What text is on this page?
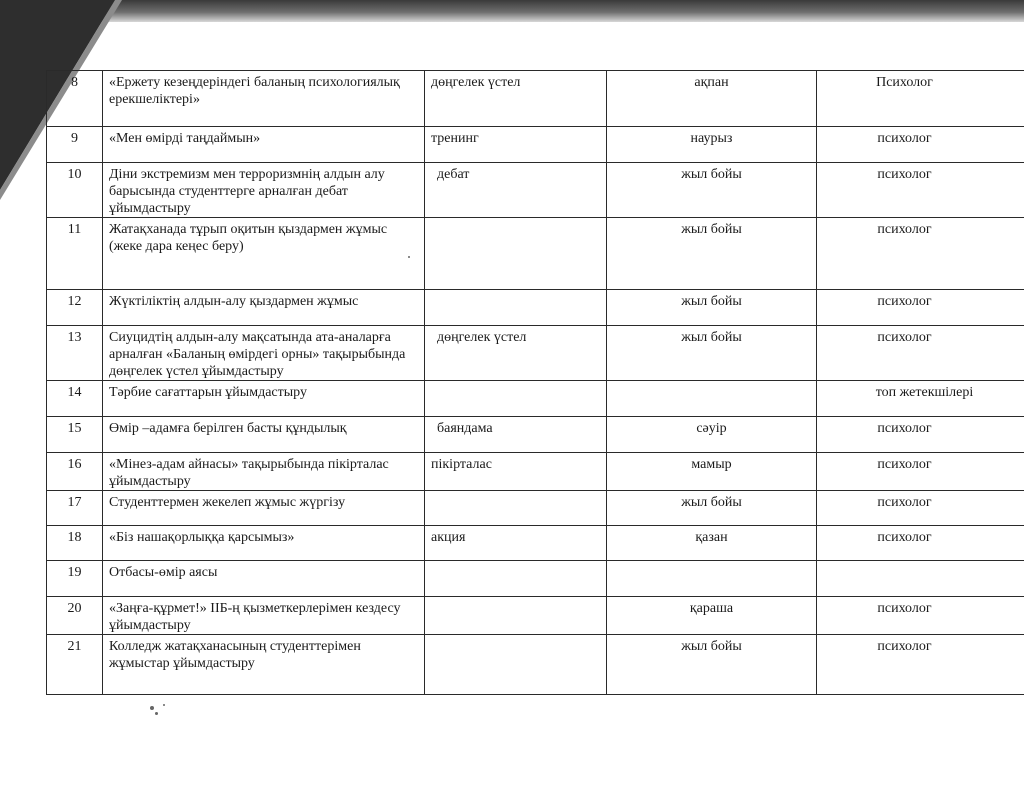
8	«Ержету кезеңдеріндегі баланың психологиялық ерекшеліктері»	дөңгелек үстел	ақпан	Психолог
9	«Мен өмірді таңдаймын»	тренинг	наурыз	психолог
10	Діни экстремизм мен терроризмнің алдын алу барысында студенттерге арналған дебат ұйымдастыру	дебат	жыл бойы	психолог
11	Жатақханада тұрып оқитын қыздармен жұмыс (жеке дара кеңес беру)		жыл бойы	психолог
12	Жүктіліктің алдын-алу қыздармен жұмыс		жыл бойы	психолог
13	Сиуцидтің алдын-алу мақсатында ата-аналарға арналған «Баланың өмірдегі орны» тақырыбында дөңгелек үстел ұйымдастыру	дөңгелек үстел	жыл бойы	психолог
14	Тәрбие сағаттарын ұйымдастыру			топ жетекшілері
15	Өмір –адамға берілген басты құндылық	баяндама	сәуір	психолог
16	«Мінез-адам айнасы» тақырыбында пікірталас ұйымдастыру	пікірталас	мамыр	психолог
17	Студенттермен жекелеп жұмыс жүргізу		жыл бойы	психолог
18	«Біз нашақорлыққа қарсымыз»	акция	қазан	психолог
19	Отбасы-өмір аясы			
20	«Заңға-құрмет!» ІІБ-ң қызметкерлерімен кездесу ұйымдастыру		қараша	психолог
21	Колледж жатақханасының студенттерімен жұмыстар ұйымдастыру		жыл бойы	психолог
